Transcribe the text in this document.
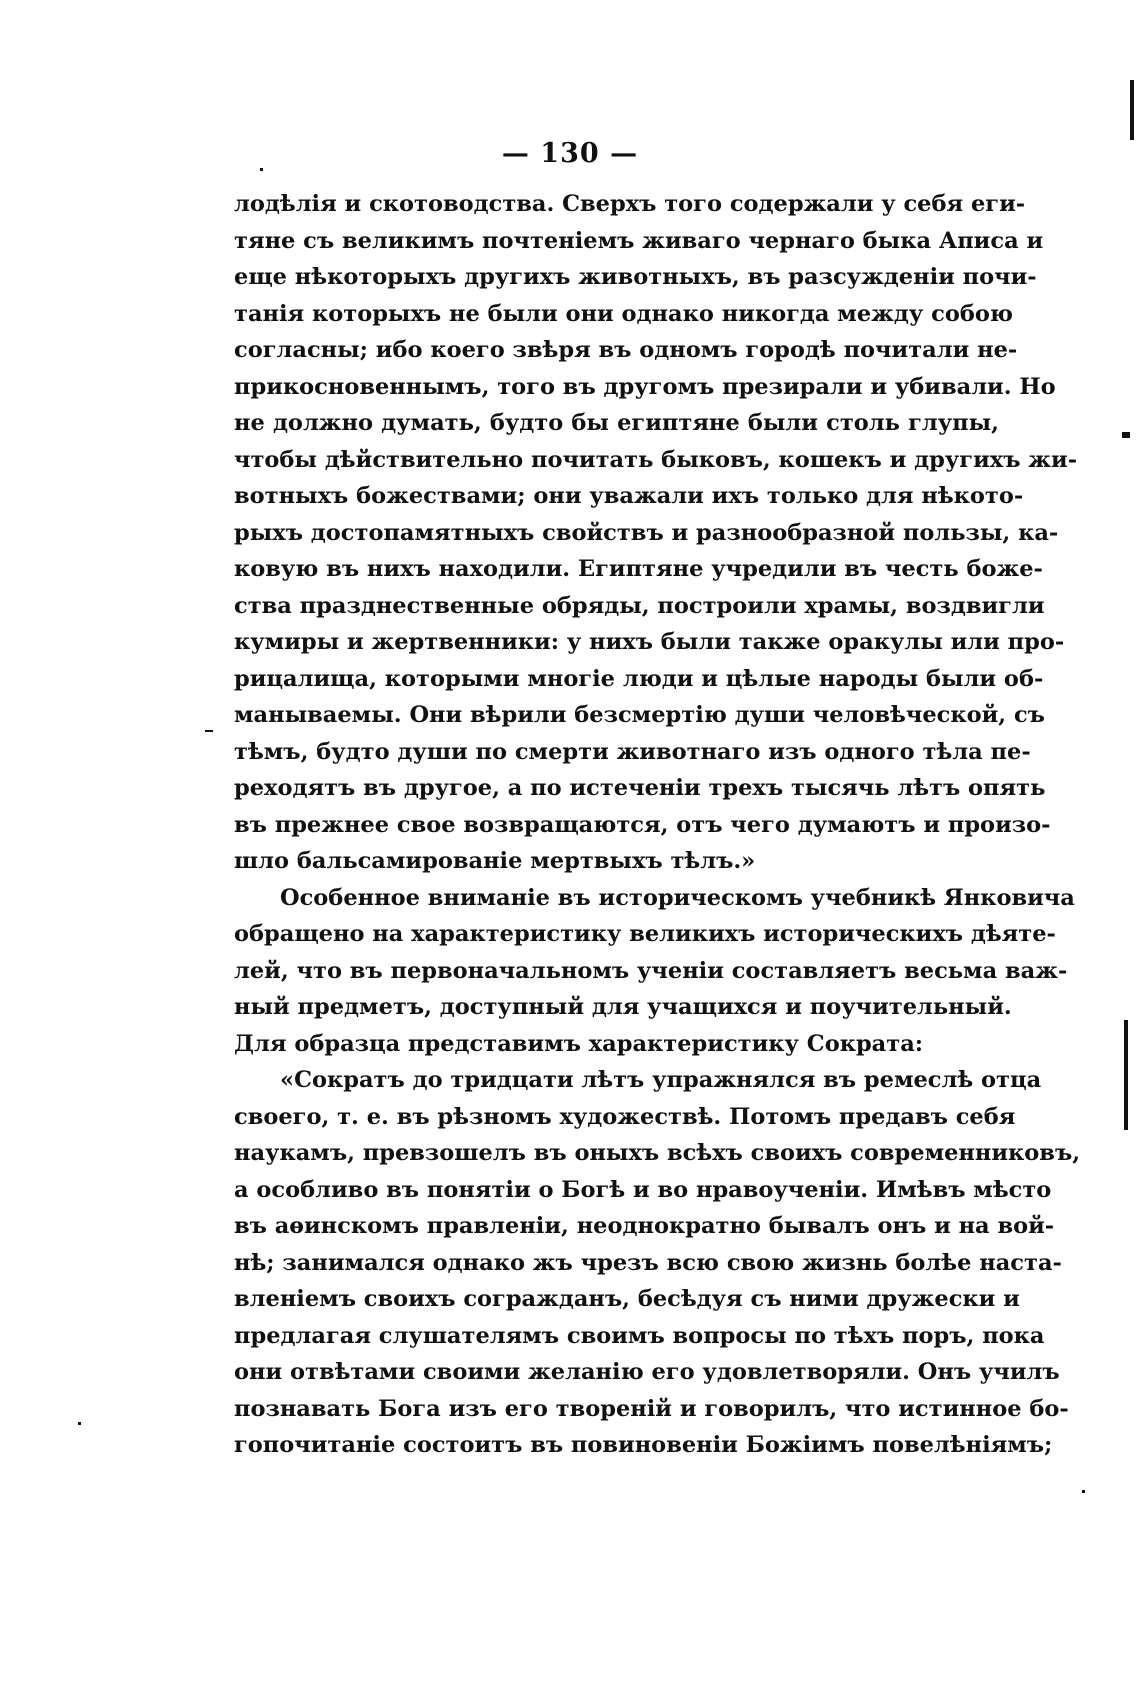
— 130 —
лодѣлія и скотоводства. Сверхъ того содержали у себя еги-
тяне съ великимъ почтеніемъ живаго чернаго быка Аписа и
еще нѣкоторыхъ другихъ животныхъ, въ разсужденіи почи-
танія которыхъ не были они однако никогда между собою
согласны; ибо коего звѣря въ одномъ городѣ почитали не-
прикосновеннымъ, того въ другомъ презирали и убивали. Но
не должно думать, будто бы египтяне были столь глупы,
чтобы дѣйствительно почитать быковъ, кошекъ и другихъ жи-
вотныхъ божествами; они уважали ихъ только для нѣкото-
рыхъ достопамятныхъ свойствъ и разнообразной пользы, ка-
ковую въ нихъ находили. Египтяне учредили въ честь боже-
ства празднественные обряды, построили храмы, воздвигли
кумиры и жертвенники: у нихъ были также оракулы или про-
рицалища, которыми многіе люди и цѣлые народы были об-
манываемы. Они вѣрили безсмертію души человѣческой, съ
тѣмъ, будто души по смерти животнаго изъ одного тѣла пе-
реходятъ въ другое, а по истеченіи трехъ тысячь лѣтъ опять
въ прежнее свое возвращаются, отъ чего думаютъ и произо-
шло бальсамированіе мертвыхъ тѣлъ.»
Особенное вниманіе въ историческомъ учебникѣ Янковича
обращено на характеристику великихъ историческихъ дѣяте-
лей, что въ первоначальномъ ученіи составляетъ весьма важ-
ный предметъ, доступный для учащихся и поучительный.
Для образца представимъ характеристику Сократа:
«Сократъ до тридцати лѣтъ упражнялся въ ремеслѣ отца
своего, т. е. въ рѣзномъ художествѣ. Потомъ предавъ себя
наукамъ, превзошелъ въ оныхъ всѣхъ своихъ современниковъ,
а особливо въ понятіи о Богѣ и во нравоученіи. Имѣвъ мѣсто
въ аѳинскомъ правленіи, неоднократно бывалъ онъ и на вой-
нѣ; занимался однако жъ чрезъ всю свою жизнь болѣе наста-
вленіемъ своихъ согражданъ, бесѣдуя съ ними дружески и
предлагая слушателямъ своимъ вопросы по тѣхъ поръ, пока
они отвѣтами своими желанію его удовлетворяли. Онъ училъ
познавать Бога изъ его твореній и говорилъ, что истинное бо-
гопочитаніе состоитъ въ повиновеніи Божіимъ повелѣніямъ;
